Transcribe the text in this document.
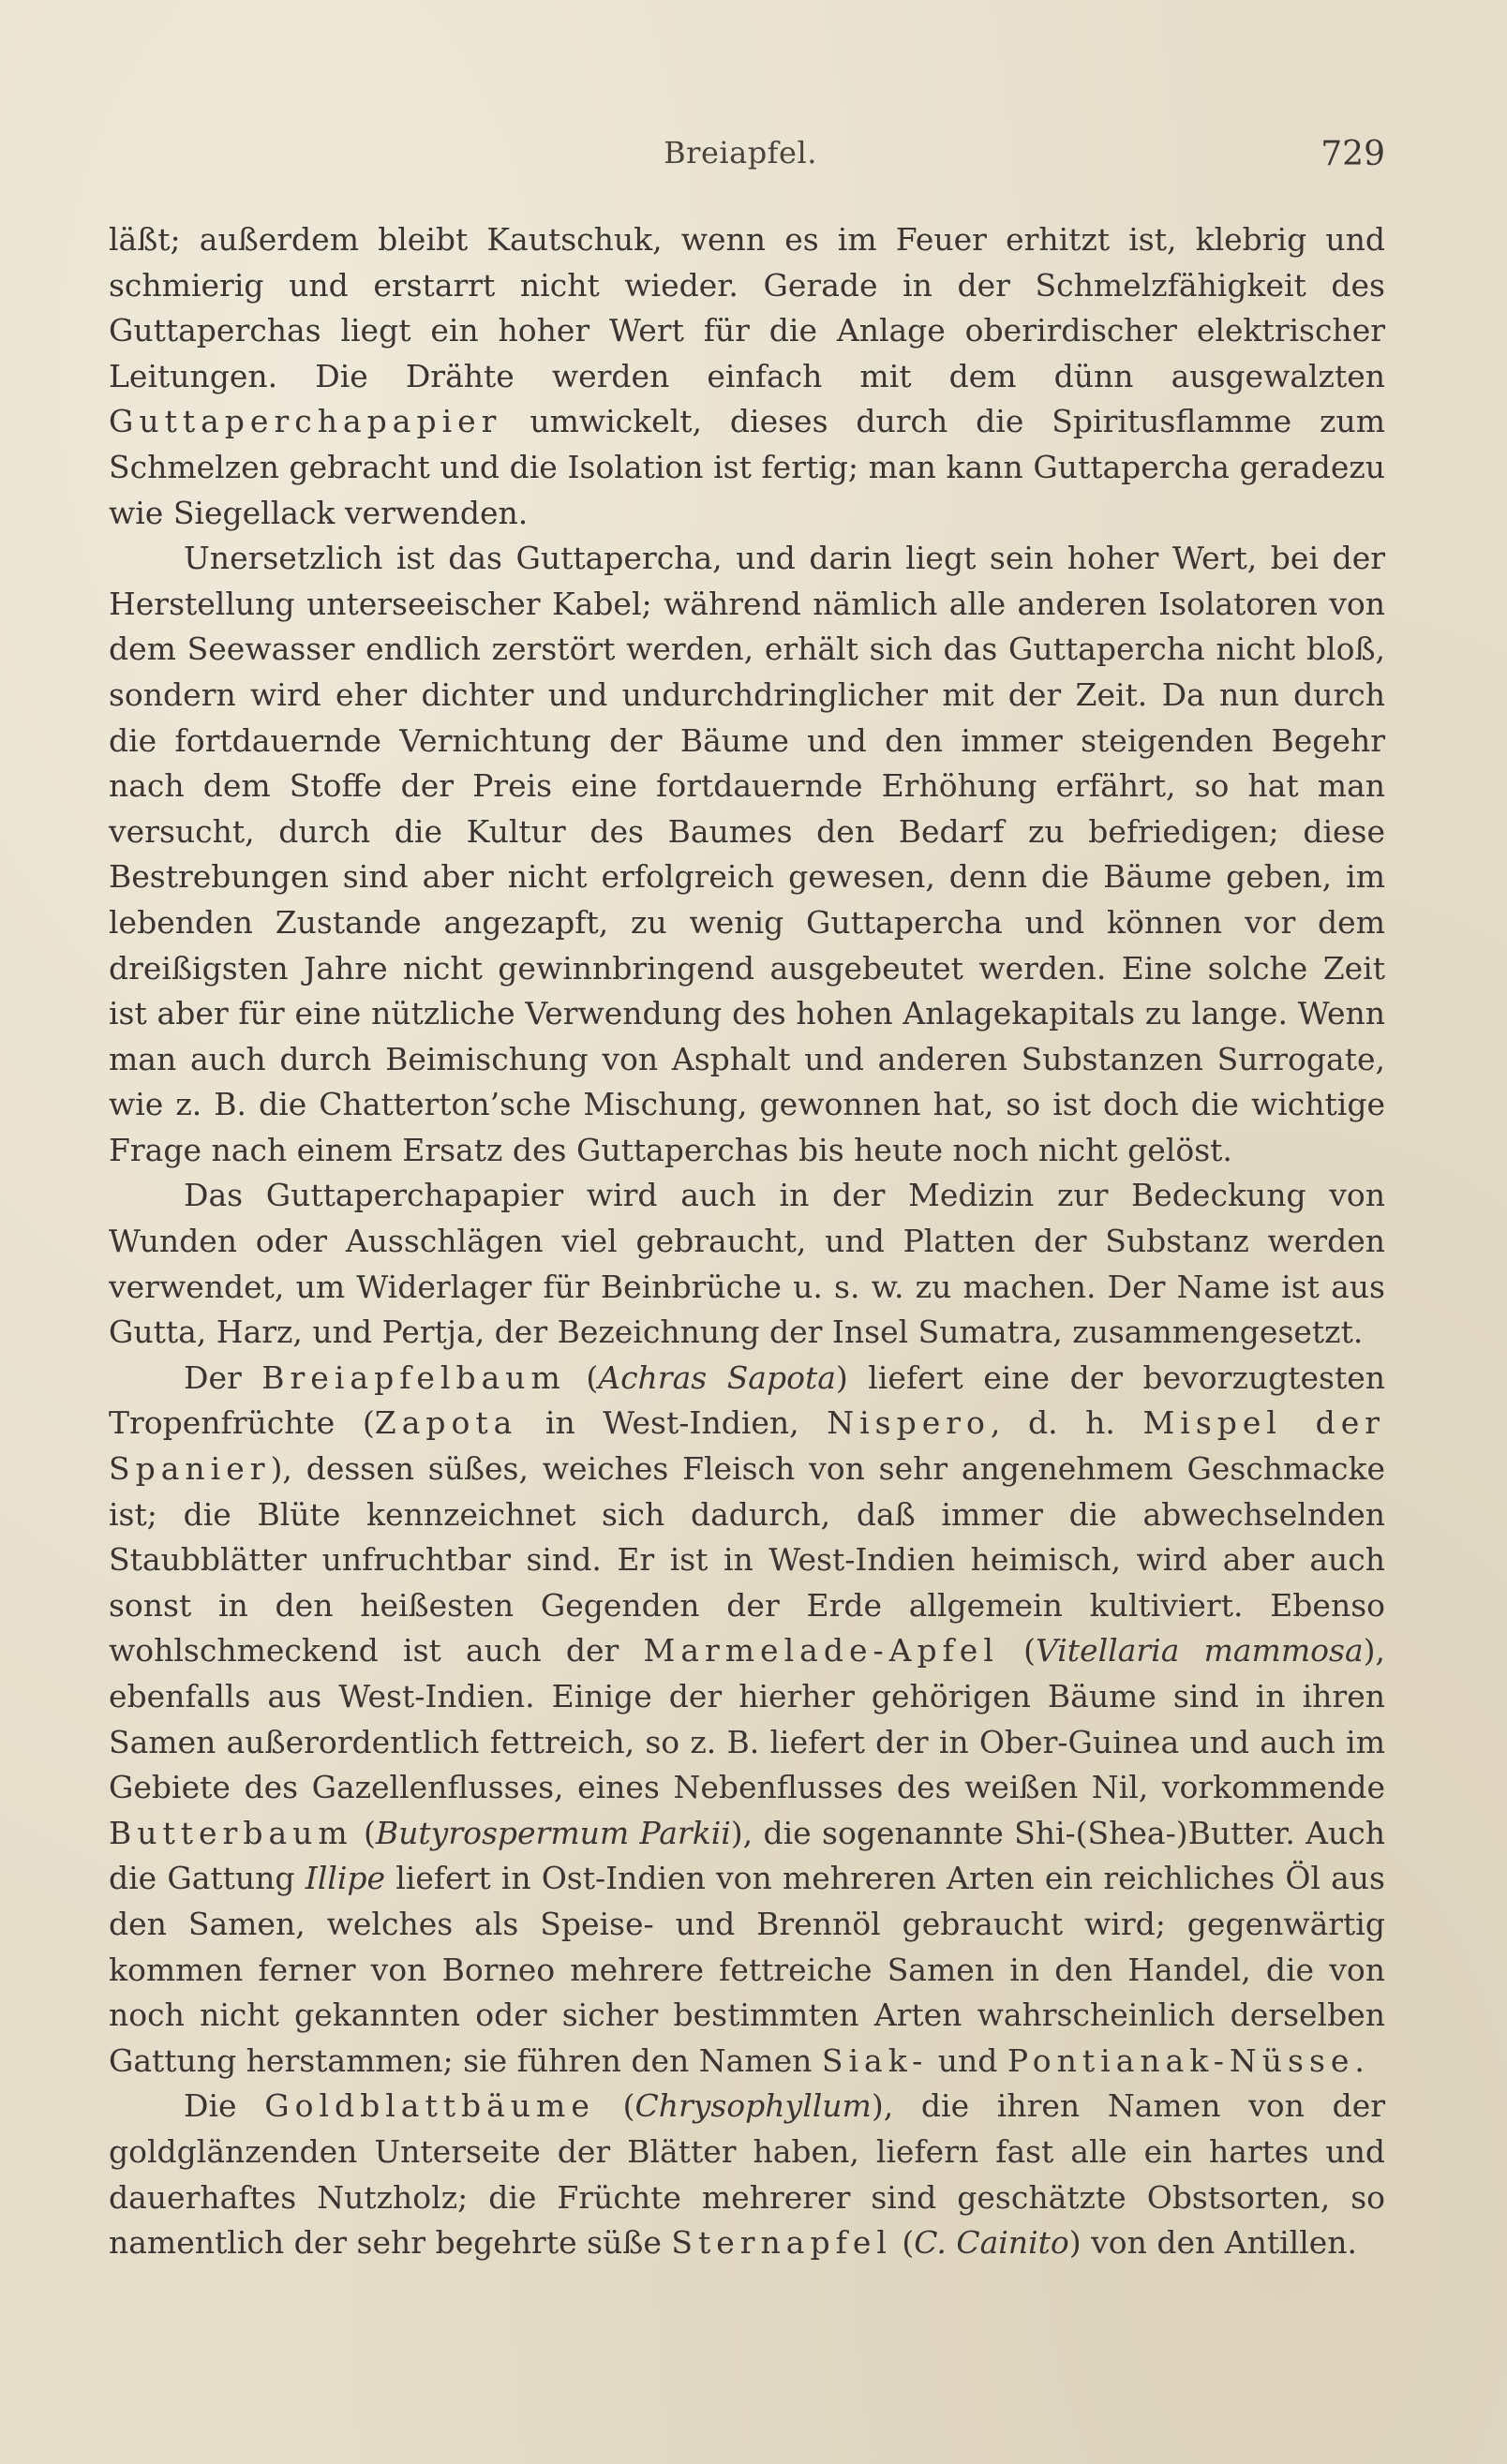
Breiapfel.	729

läßt; außerdem bleibt Kautschuk, wenn es im Feuer erhitzt ist, klebrig und schmierig und erstarrt nicht wieder. Gerade in der Schmelzfähigkeit des Guttaperchas liegt ein hoher Wert für die Anlage oberirdischer elektrischer Leitungen. Die Drähte werden einfach mit dem dünn ausgewalzten Guttaperchapapier umwickelt, dieses durch die Spiritusflamme zum Schmelzen gebracht und die Isolation ist fertig; man kann Guttapercha geradezu wie Siegellack verwenden.

Unersetzlich ist das Guttapercha, und darin liegt sein hoher Wert, bei der Herstellung unterseeischer Kabel; während nämlich alle anderen Isolatoren von dem Seewasser endlich zerstört werden, erhält sich das Guttapercha nicht bloß, sondern wird eher dichter und undurchdringlicher mit der Zeit. Da nun durch die fortdauernde Vernichtung der Bäume und den immer steigenden Begehr nach dem Stoffe der Preis eine fortdauernde Erhöhung erfährt, so hat man versucht, durch die Kultur des Baumes den Bedarf zu befriedigen; diese Bestrebungen sind aber nicht erfolgreich gewesen, denn die Bäume geben, im lebenden Zustande angezapft, zu wenig Guttapercha und können vor dem dreißigsten Jahre nicht gewinnbringend ausgebeutet werden. Eine solche Zeit ist aber für eine nützliche Verwendung des hohen Anlagekapitals zu lange. Wenn man auch durch Beimischung von Asphalt und anderen Substanzen Surrogate, wie z. B. die Chatterton’sche Mischung, gewonnen hat, so ist doch die wichtige Frage nach einem Ersatz des Guttaperchas bis heute noch nicht gelöst.

Das Guttaperchapapier wird auch in der Medizin zur Bedeckung von Wunden oder Ausschlägen viel gebraucht, und Platten der Substanz werden verwendet, um Widerlager für Beinbrüche u. s. w. zu machen. Der Name ist aus Gutta, Harz, und Pertja, der Bezeichnung der Insel Sumatra, zusammengesetzt.

Der Breiapfelbaum (Achras Sapota) liefert eine der bevorzugtesten Tropenfrüchte (Zapota in West-Indien, Nispero, d. h. Mispel der Spanier), dessen süßes, weiches Fleisch von sehr angenehmem Geschmacke ist; die Blüte kennzeichnet sich dadurch, daß immer die abwechselnden Staubblätter unfruchtbar sind. Er ist in West-Indien heimisch, wird aber auch sonst in den heißesten Gegenden der Erde allgemein kultiviert. Ebenso wohlschmeckend ist auch der Marmelade-Apfel (Vitellaria mammosa), ebenfalls aus West-Indien. Einige der hierher gehörigen Bäume sind in ihren Samen außerordentlich fettreich, so z. B. liefert der in Ober-Guinea und auch im Gebiete des Gazellenflusses, eines Nebenflusses des weißen Nil, vorkommende Butterbaum (Butyrospermum Parkii), die sogenannte Shi-(Shea-)Butter. Auch die Gattung Illipe liefert in Ost-Indien von mehreren Arten ein reichliches Öl aus den Samen, welches als Speise- und Brennöl gebraucht wird; gegenwärtig kommen ferner von Borneo mehrere fettreiche Samen in den Handel, die von noch nicht gekannten oder sicher bestimmten Arten wahrscheinlich derselben Gattung herstammen; sie führen den Namen Siak- und Pontianak-Nüsse.

Die Goldblattbäume (Chrysophyllum), die ihren Namen von der goldglänzenden Unterseite der Blätter haben, liefern fast alle ein hartes und dauerhaftes Nutzholz; die Früchte mehrerer sind geschätzte Obstsorten, so namentlich der sehr begehrte süße Sternapfel (C. Cainito) von den Antillen.
